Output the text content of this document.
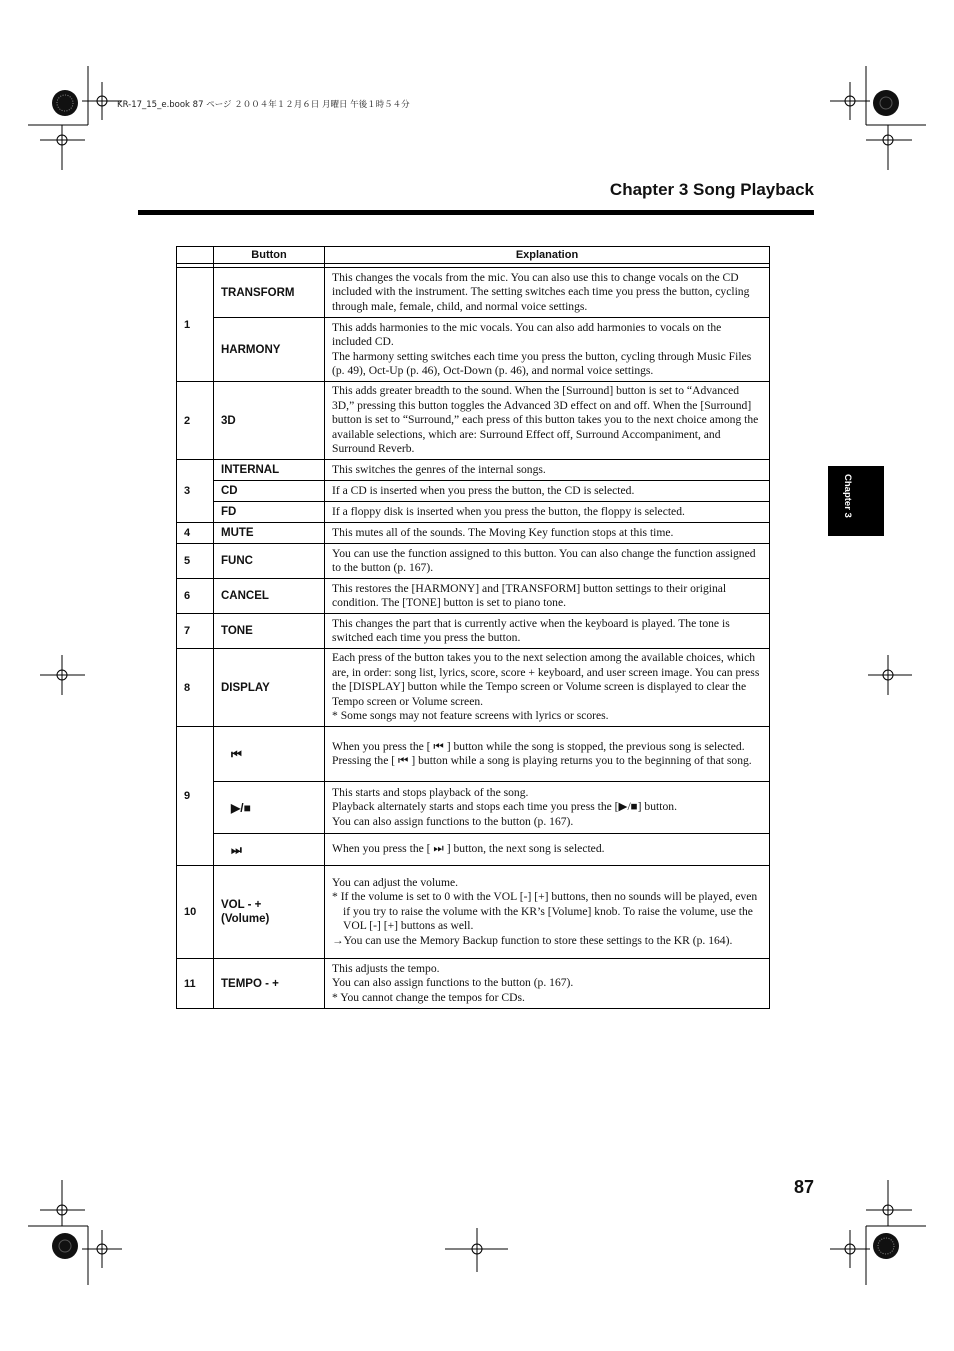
KR-17_15_e.book 87 ページ ２００４年１２月６日 月曜日 午後１時５４分
Chapter 3 Song Playback
Chapter 3
87
	Button	Explanation

1	TRANSFORM	This changes the vocals from the mic. You can also use this to change vocals on the CD included with the instrument. The setting switches each time you press the button, cycling through male, female, child, and normal voice settings.

	HARMONY	This adds harmonies to the mic vocals. You can also add harmonies to vocals on the included CD.
The harmony setting switches each time you press the button, cycling through Music Files (p. 49), Oct-Up (p. 46), Oct-Down (p. 46), and normal voice settings.

2	3D	This adds greater breadth to the sound. When the [Surround] button is set to “Advanced 3D,” pressing this button toggles the Advanced 3D effect on and off. When the [Surround] button is set to “Surround,” each press of this button takes you to the next choice among the available selections, which are: Surround Effect off, Surround Accompaniment, and Surround Reverb.

3	INTERNAL	This switches the genres of the internal songs.

	CD	If a CD is inserted when you press the button, the CD is selected.

	FD	If a floppy disk is inserted when you press the button, the floppy is selected.

4	MUTE	This mutes all of the sounds. The Moving Key function stops at this time.

5	FUNC	You can use the function assigned to this button. You can also change the function assigned to the button (p. 167).

6	CANCEL	This restores the [HARMONY] and [TRANSFORM] button settings to their original condition. The [TONE] button is set to piano tone.

7	TONE	This changes the part that is currently active when the keyboard is played. The tone is switched each time you press the button.

8	DISPLAY	Each press of the button takes you to the next selection among the available choices, which are, in order: song list, lyrics, score, score + keyboard, and user screen image. You can press the [DISPLAY] button while the Tempo screen or Volume screen is displayed to clear the Tempo screen or Volume screen.
* Some songs may not feature screens with lyrics or scores.

9	⏮	When you press the [ ⏮ ] button while the song is stopped, the previous song is selected. Pressing the [ ⏮ ] button while a song is playing returns you to the beginning of that song.

	▶/■	This starts and stops playback of the song.
Playback alternately starts and stops each time you press the [▶/■] button.
You can also assign functions to the button (p. 167).

	⏭	When you press the [ ⏭ ] button, the next song is selected.

10	VOL - +
(Volume)	You can adjust the volume.
* If the volume is set to 0 with the VOL [-] [+] buttons, then no sounds will be played, even if you try to raise the volume with the KR’s [Volume] knob. To raise the volume, use the VOL [-] [+] buttons as well.
→You can use the Memory Backup function to store these settings to the KR (p. 164).

11	TEMPO - +	This adjusts the tempo.
You can also assign functions to the button (p. 167).
* You cannot change the tempos for CDs.
